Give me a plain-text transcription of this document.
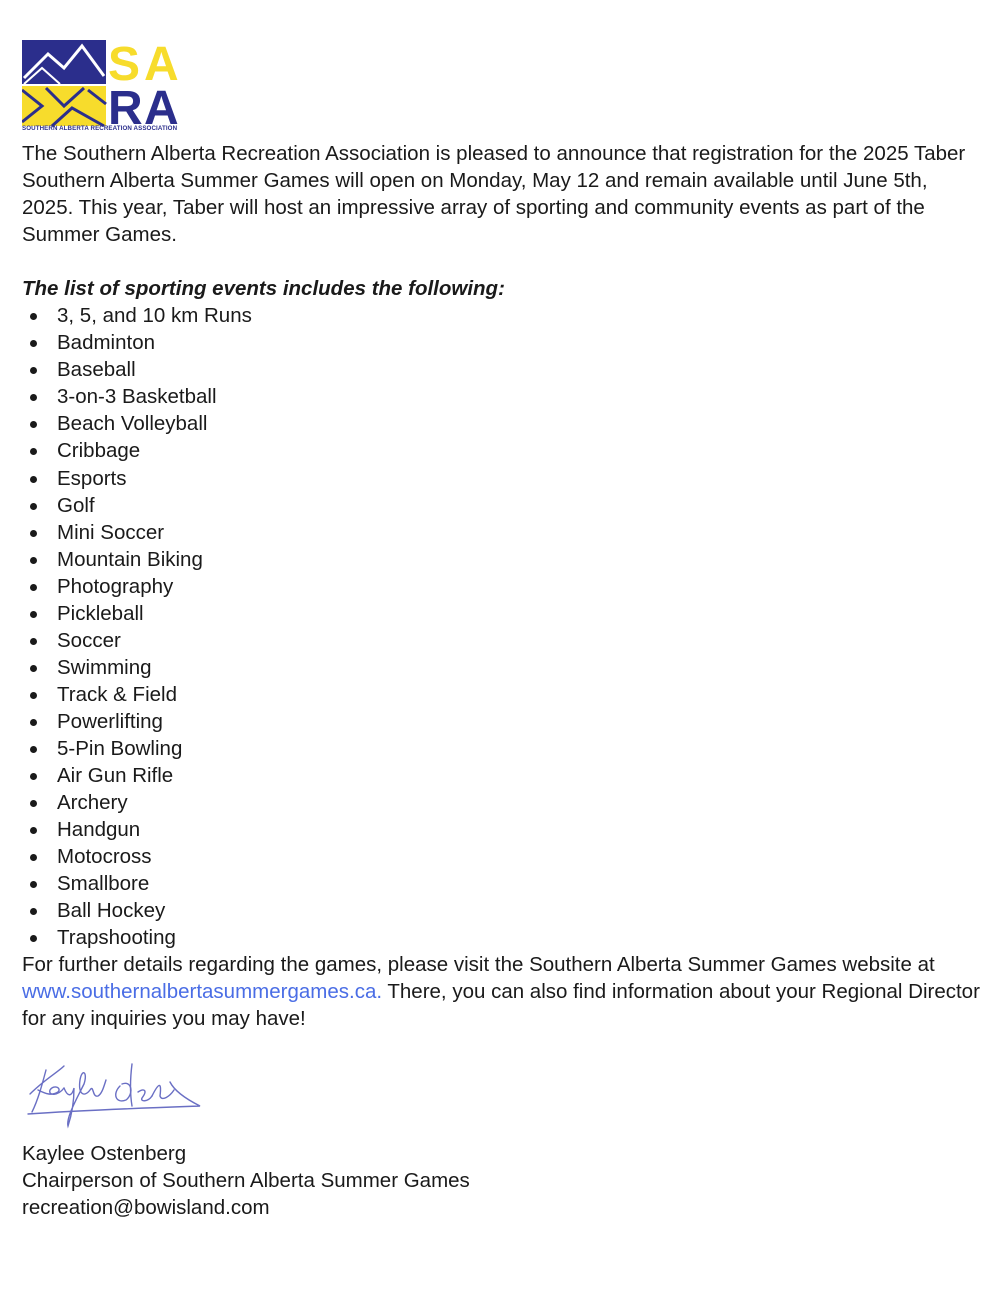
S A
R A
SOUTHERN ALBERTA RECREATION ASSOCIATION

The Southern Alberta Recreation Association is pleased to announce that registration for the 2025 Taber Southern Alberta Summer Games will open on Monday, May 12 and remain available until June 5th, 2025. This year, Taber will host an impressive array of sporting and community events as part of the Summer Games.

The list of sporting events includes the following:

3, 5, and 10 km Runs
Badminton
Baseball
3-on-3 Basketball
Beach Volleyball
Cribbage
Esports
Golf
Mini Soccer
Mountain Biking
Photography
Pickleball
Soccer
Swimming
Track & Field
Powerlifting
5-Pin Bowling
Air Gun Rifle
Archery
Handgun
Motocross
Smallbore
Ball Hockey
Trapshooting

For further details regarding the games, please visit the Southern Alberta Summer Games website at www.southernalbertasummergames.ca. There, you can also find information about your Regional Director for any inquiries you may have!

Kaylee Ostenberg
Chairperson of Southern Alberta Summer Games
recreation@bowisland.com
